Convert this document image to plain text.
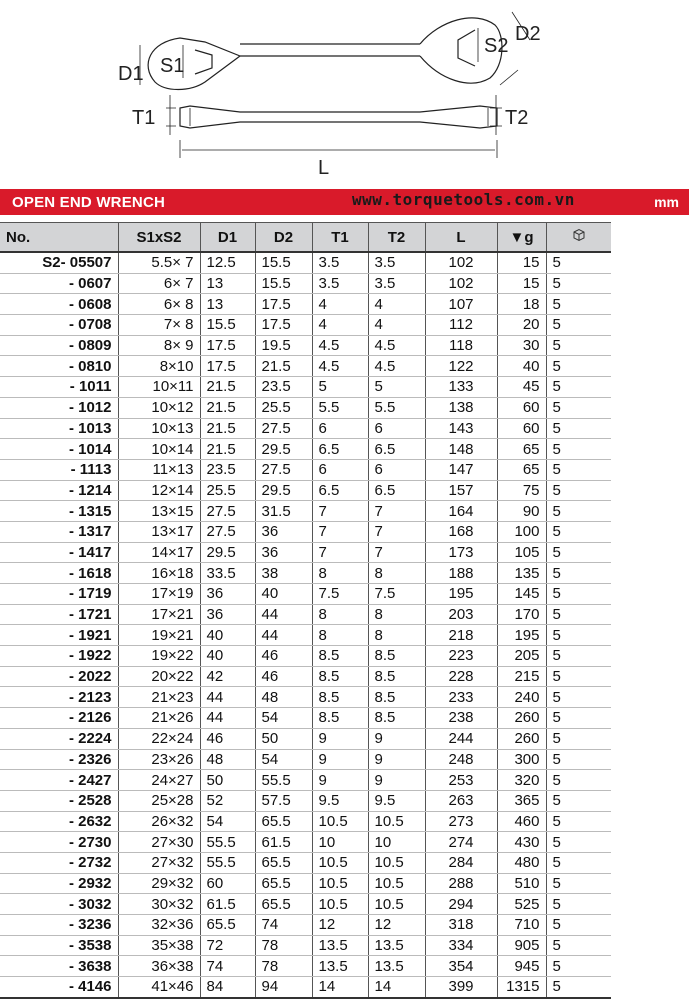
D1 S1
S2
D2
T1	T2
L
OPEN END WRENCH	www.torquetools.com.vn	mm
No.	S1xS2	D1	D2	T1	T2	L	▼g	
S2- 05507	5.5× 7	12.5	15.5	3.5	3.5	102	15	5
- 0607	6× 7	13	15.5	3.5	3.5	102	15	5
- 0608	6× 8	13	17.5	4	4	107	18	5
- 0708	7× 8	15.5	17.5	4	4	112	20	5
- 0809	8× 9	17.5	19.5	4.5	4.5	118	30	5
- 0810	8×10	17.5	21.5	4.5	4.5	122	40	5
- 1011	10×11	21.5	23.5	5	5	133	45	5
- 1012	10×12	21.5	25.5	5.5	5.5	138	60	5
- 1013	10×13	21.5	27.5	6	6	143	60	5
- 1014	10×14	21.5	29.5	6.5	6.5	148	65	5
- 1113	11×13	23.5	27.5	6	6	147	65	5
- 1214	12×14	25.5	29.5	6.5	6.5	157	75	5
- 1315	13×15	27.5	31.5	7	7	164	90	5
- 1317	13×17	27.5	36	7	7	168	100	5
- 1417	14×17	29.5	36	7	7	173	105	5
- 1618	16×18	33.5	38	8	8	188	135	5
- 1719	17×19	36	40	7.5	7.5	195	145	5
- 1721	17×21	36	44	8	8	203	170	5
- 1921	19×21	40	44	8	8	218	195	5
- 1922	19×22	40	46	8.5	8.5	223	205	5
- 2022	20×22	42	46	8.5	8.5	228	215	5
- 2123	21×23	44	48	8.5	8.5	233	240	5
- 2126	21×26	44	54	8.5	8.5	238	260	5
- 2224	22×24	46	50	9	9	244	260	5
- 2326	23×26	48	54	9	9	248	300	5
- 2427	24×27	50	55.5	9	9	253	320	5
- 2528	25×28	52	57.5	9.5	9.5	263	365	5
- 2632	26×32	54	65.5	10.5	10.5	273	460	5
- 2730	27×30	55.5	61.5	10	10	274	430	5
- 2732	27×32	55.5	65.5	10.5	10.5	284	480	5
- 2932	29×32	60	65.5	10.5	10.5	288	510	5
- 3032	30×32	61.5	65.5	10.5	10.5	294	525	5
- 3236	32×36	65.5	74	12	12	318	710	5
- 3538	35×38	72	78	13.5	13.5	334	905	5
- 3638	36×38	74	78	13.5	13.5	354	945	5
- 4146	41×46	84	94	14	14	399	1315	5
